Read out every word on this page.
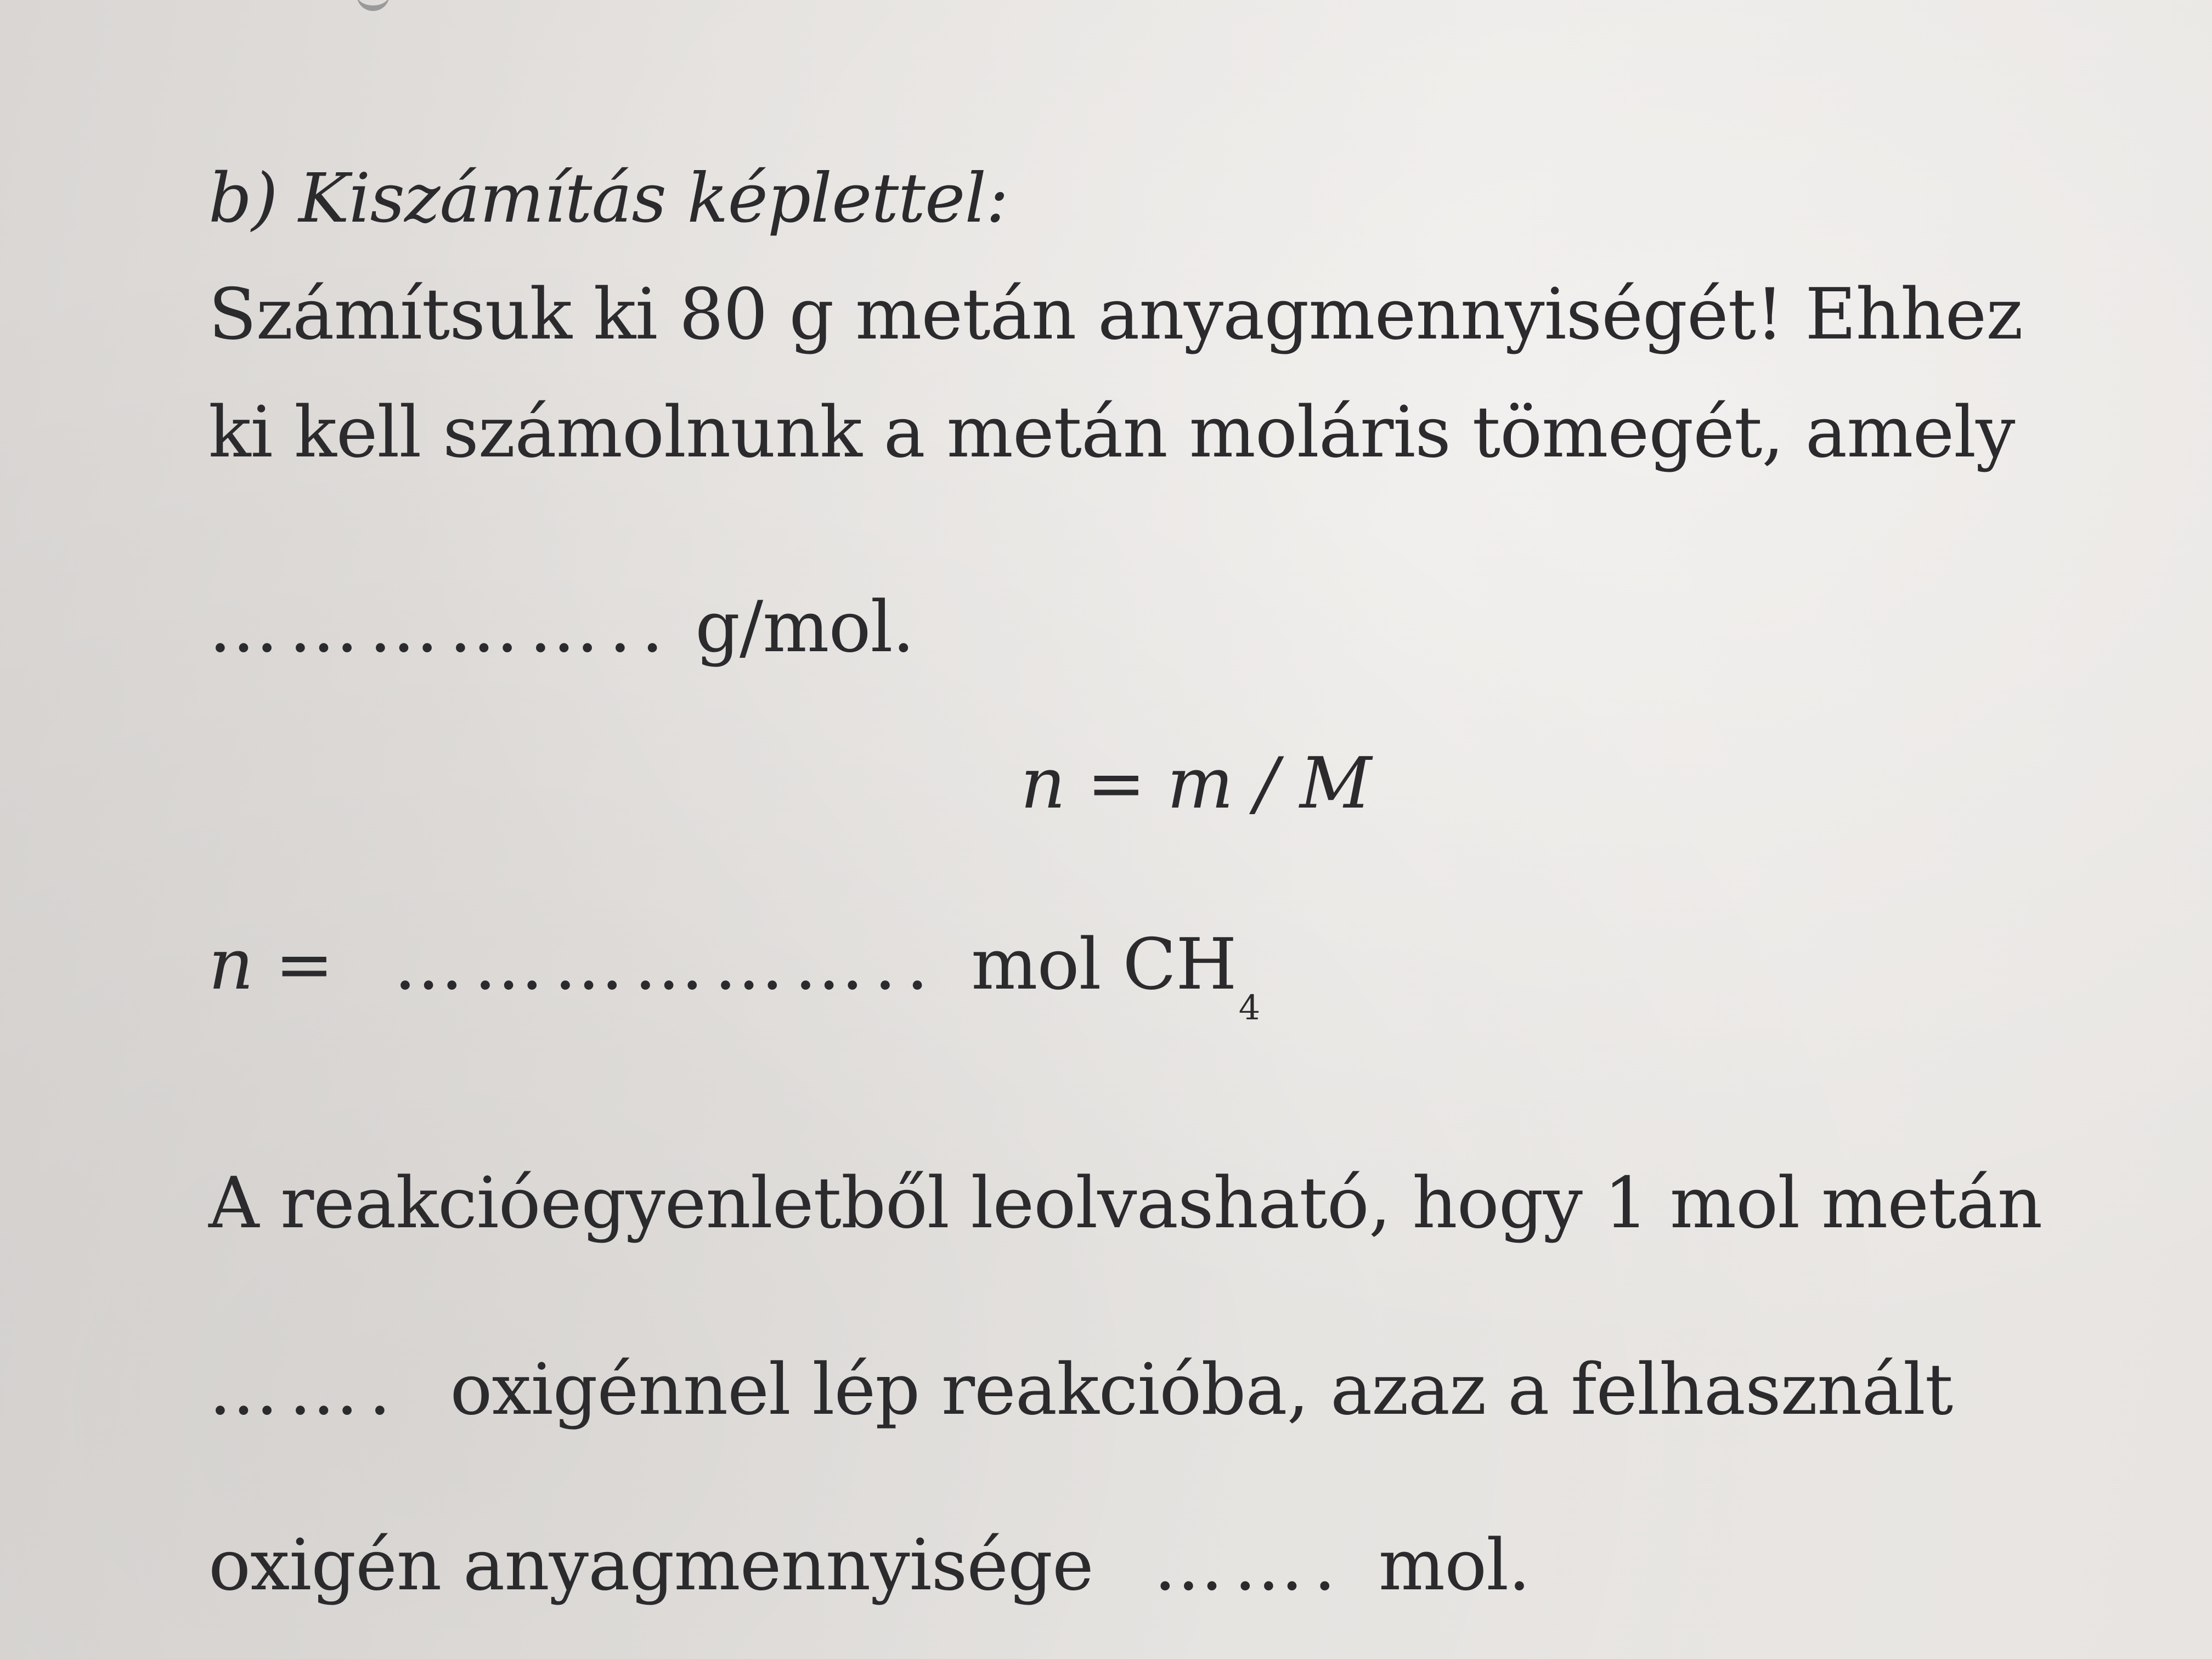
b) Kiszámítás képlettel:
Számítsuk ki 80 g metán anyagmennyiségét! Ehhez
ki kell számolnunk a metán moláris tömegét, amely
…………….. g/mol.
n = m / M
n = ……………….. mol $CH_4$
A reakcióegyenletből leolvasható, hogy 1 mol metán
……. oxigénnel lép reakcióba, azaz a felhasznált
oxigén anyagmennyisége ……. mol.
